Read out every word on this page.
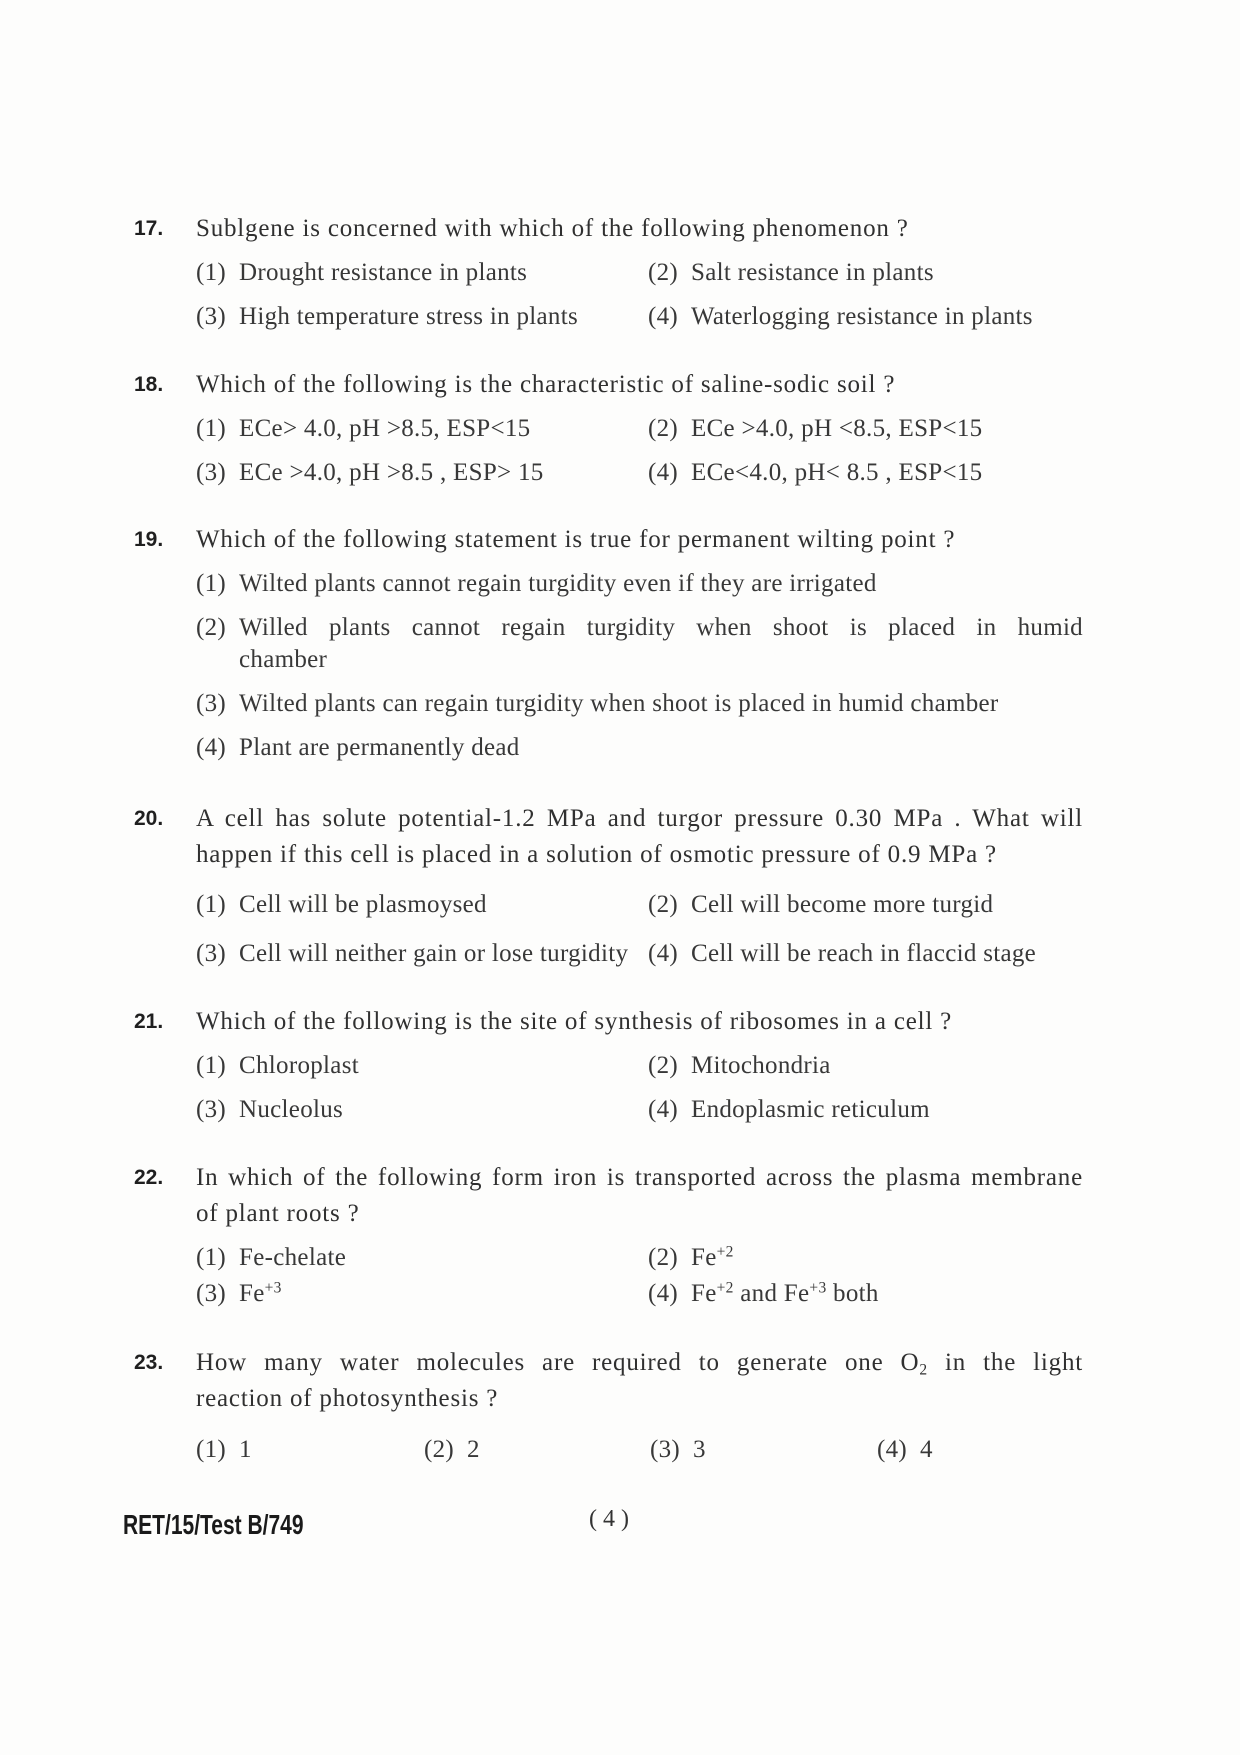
17.	Sublgene is concerned with which of the following phenomenon ?
(1) Drought resistance in plants	(2) Salt resistance in plants
(3) High temperature stress in plants	(4) Waterlogging resistance in plants
18.	Which of the following is the characteristic of saline-sodic soil ?
(1) ECe> 4.0, pH >8.5, ESP<15	(2) ECe >4.0, pH <8.5, ESP<15
(3) ECe >4.0, pH >8.5 , ESP> 15	(4) ECe<4.0, pH< 8.5 , ESP<15
19.	Which of the following statement is true for permanent wilting point ?
(1) Wilted plants cannot regain turgidity even if they are irrigated
(2) Willed plants cannot regain turgidity when shoot is placed in humid
chamber
(3) Wilted plants can regain turgidity when shoot is placed in humid chamber
(4) Plant are permanently dead
20.	A cell has solute potential-1.2 MPa and turgor pressure 0.30 MPa . What will
happen if this cell is placed in a solution of osmotic pressure of 0.9 MPa ?
(1) Cell will be plasmoysed	(2) Cell will become more turgid
(3) Cell will neither gain or lose turgidity (4) Cell will be reach in flaccid stage
21.	Which of the following is the site of synthesis of ribosomes in a cell ?
(1) Chloroplast	(2) Mitochondria
(3) Nucleolus	(4) Endoplasmic reticulum
22.	In which of the following form iron is transported across the plasma membrane
of plant roots ?
(1) Fe-chelate	(2) $Fe^{+2}$
(3) $Fe^{+3}$	(4) $Fe^{+2}$ and $Fe^{+3}$ both
23.	How many water molecules are required to generate one $O_2$ in the light
reaction of photosynthesis ?
(1) 1	(2) 2	(3) 3	(4) 4
RET/15/Test B/749	( 4 )
